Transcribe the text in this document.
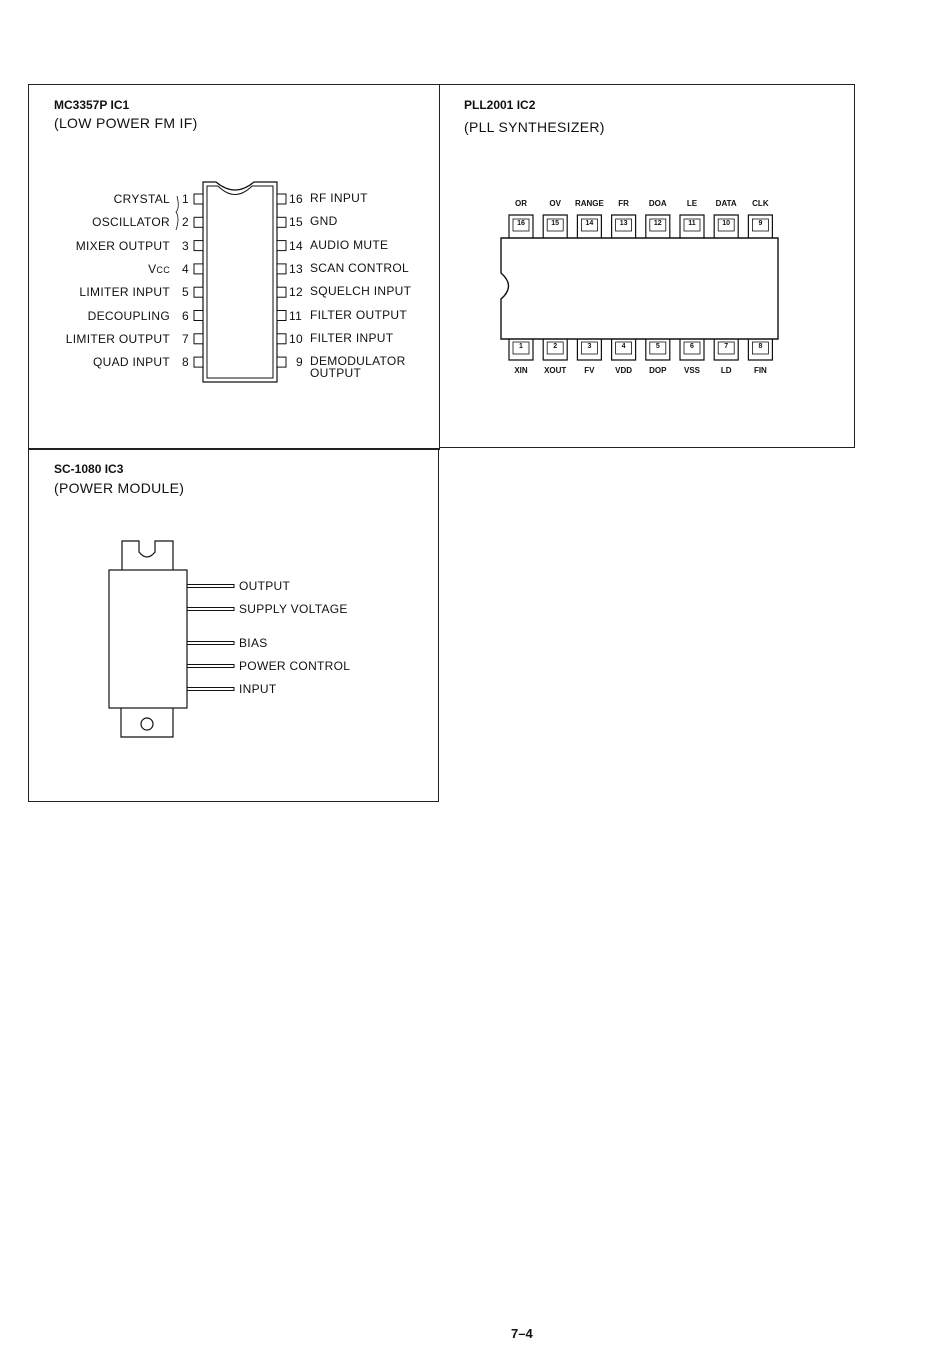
MC3357P IC1
(LOW POWER FM IF)
1
CRYSTAL
2
OSCILLATOR
3
MIXER OUTPUT
4
VCC
5
LIMITER INPUT
6
DECOUPLING
7
LIMITER OUTPUT
8
QUAD INPUT
16 RF INPUT
15 GND
14 AUDIO MUTE
13 SCAN CONTROL
12 SQUELCH INPUT
11 FILTER OUTPUT
10 FILTER INPUT
9 DEMODULATOR
OUTPUT
PLL2001 IC2
(PLL SYNTHESIZER)
16
OR
15
OV
14
RANGE
13
FR
12
DOA
11
LE
10
DATA
9
CLK
1
XIN
2
XOUT
3
FV
4
VDD
5
DOP
6
VSS
7
LD
8
FIN
SC-1080 IC3
(POWER MODULE)
OUTPUT
SUPPLY VOLTAGE
BIAS
POWER CONTROL
INPUT
7–4
